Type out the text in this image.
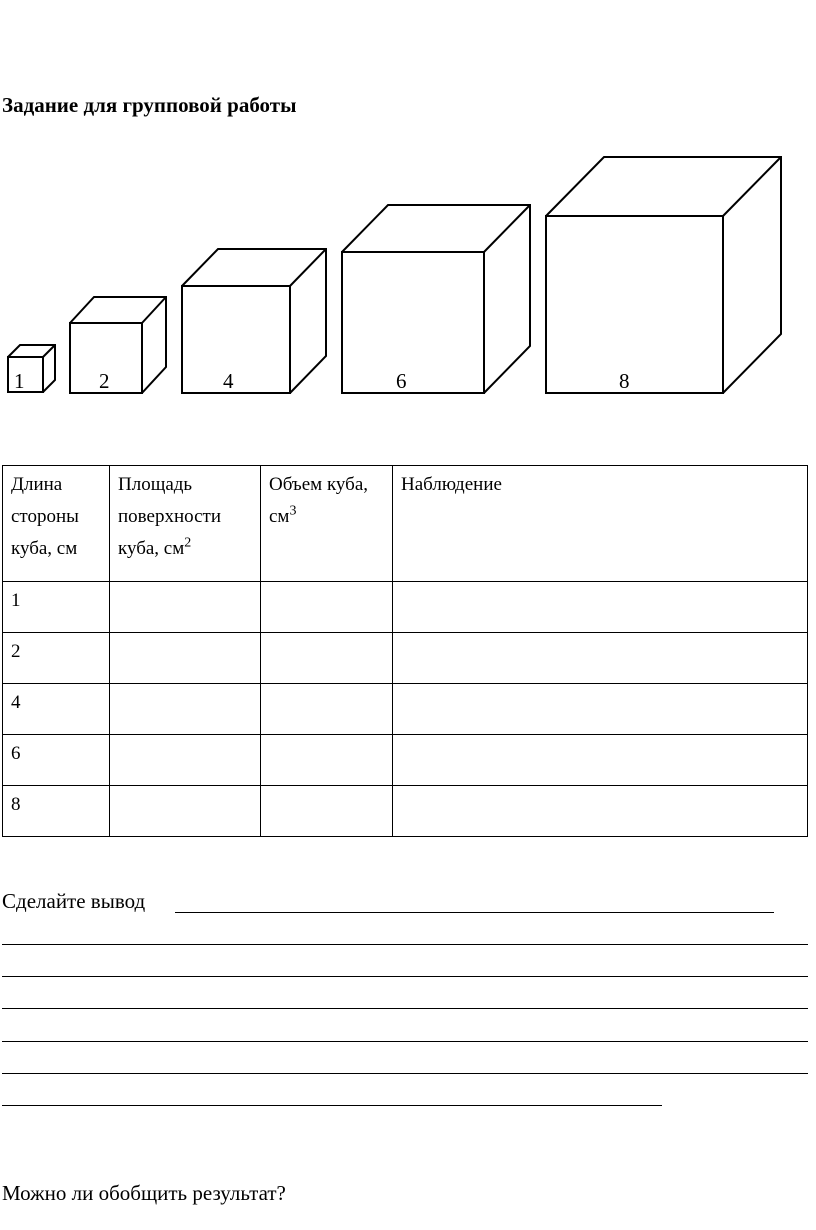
Задание для групповой работы
1	2	4	6	8
Длина стороны куба, см	Площадь поверхности куба, $см^2$	Объем куба, $см^3$	Наблюдение
1			
2			
4			
6			
8			
Сделайте вывод
Можно ли обобщить результат?
